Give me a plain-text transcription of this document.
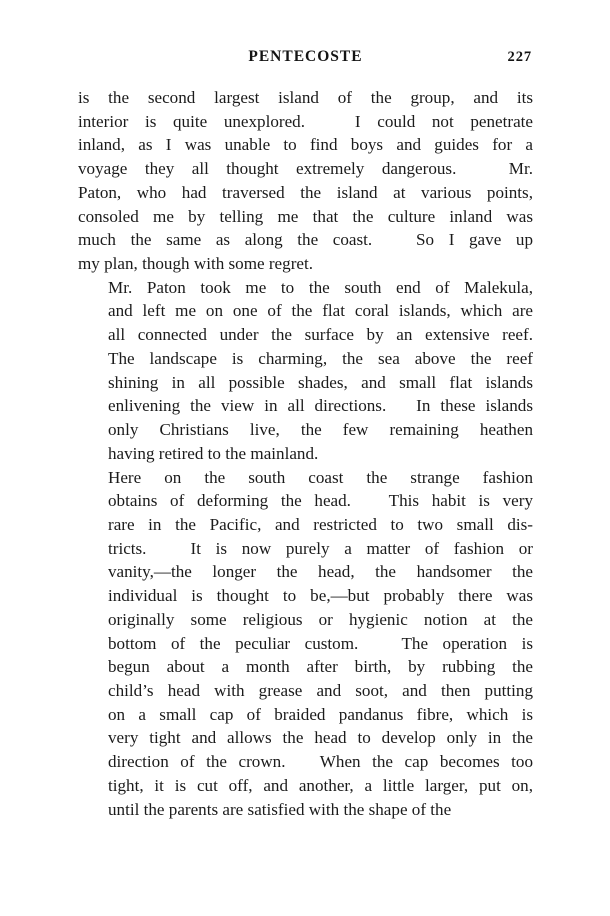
PENTECOSTE	227

is the second largest island of the group, and its
interior is quite unexplored.   I could not penetrate
inland, as I was unable to find boys and guides for a
voyage they all thought extremely dangerous.   Mr.
Paton, who had traversed the island at various points,
consoled me by telling me that the culture inland was
much the same as along the coast.   So I gave up
my plan, though with some regret.

Mr. Paton took me to the south end of Malekula,
and left me on one of the flat coral islands, which are
all connected under the surface by an extensive reef.
The landscape is charming, the sea above the reef
shining in all possible shades, and small flat islands
enlivening the view in all directions.   In these islands
only Christians live, the few remaining heathen
having retired to the mainland.

Here on the south coast the strange fashion
obtains of deforming the head.   This habit is very
rare in the Pacific, and restricted to two small dis-
tricts.   It is now purely a matter of fashion or
vanity,—the longer the head, the handsomer the
individual is thought to be,—but probably there was
originally some religious or hygienic notion at the
bottom of the peculiar custom.   The operation is
begun about a month after birth, by rubbing the
child’s head with grease and soot, and then putting
on a small cap of braided pandanus fibre, which is
very tight and allows the head to develop only in the
direction of the crown.   When the cap becomes too
tight, it is cut off, and another, a little larger, put on,
until the parents are satisfied with the shape of the
